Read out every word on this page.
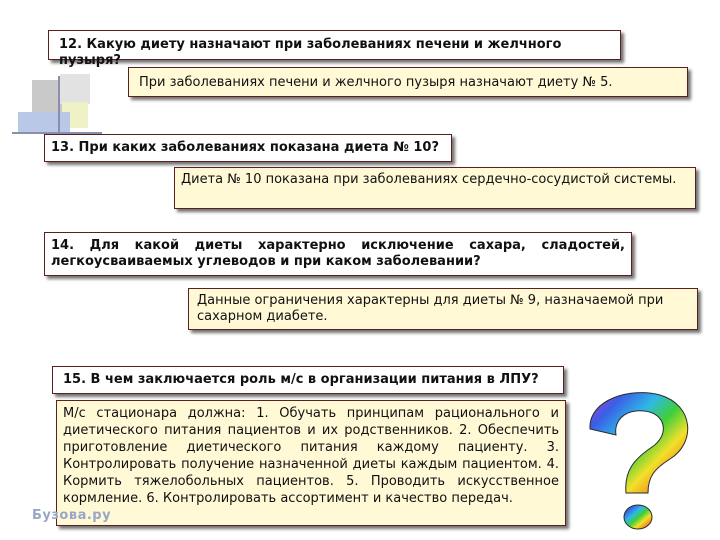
12. Какую диету назначают при заболеваниях печени и желчного пузыря?
При заболеваниях печени и желчного пузыря назначают диету № 5.
13. При каких заболеваниях показана диета № 10?
Диета № 10 показана при заболеваниях сердечно-сосудистой системы.
14. Для какой диеты характерно исключение сахара, сладостей, легкоусваиваемых углеводов и при каком заболевании?
Данные ограничения характерны для диеты № 9, назначаемой при сахарном диабете.
15. В чем заключается роль м/с в организации питания в ЛПУ?
М/с стационара должна: 1. Обучать принципам рационального и диетического питания пациентов и их родственников. 2. Обеспечить приготовление диетического питания каждому пациенту. 3. Контролировать получение назначенной диеты каждым пациентом. 4. Кормить тяжелобольных пациентов. 5. Проводить искусственное кормление. 6. Контролировать ассортимент и качество передач.
Бузова.ру
